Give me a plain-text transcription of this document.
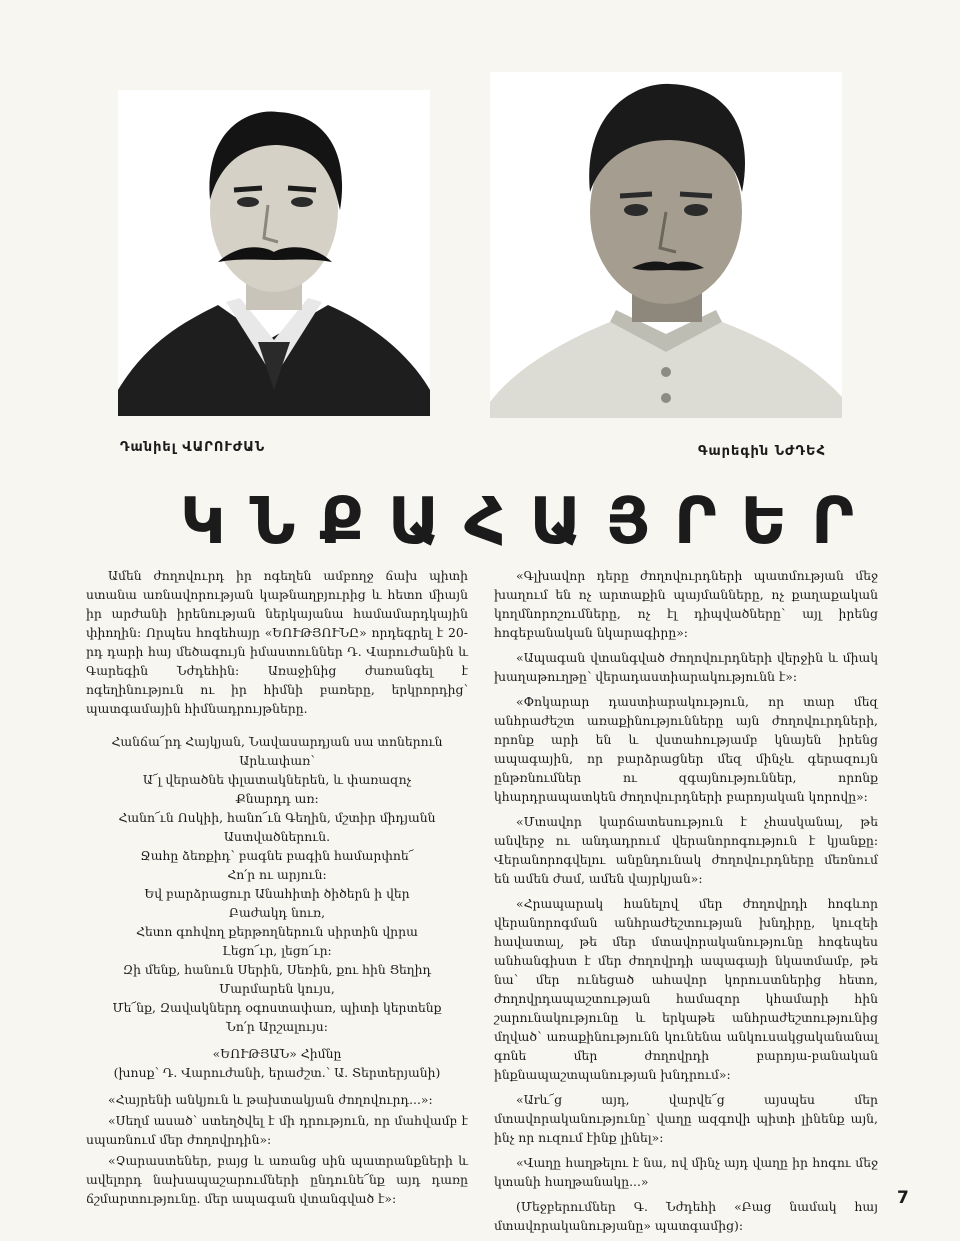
Դանիել ՎԱՐՈՒԺԱՆ	Գարեգին ՆԺԴԵՀ
ԿՆՔԱՀԱՅՐԵՐ

Ամեն ժողովուրդ իր ոգեղեն ամբողջ ճախ պիտի ստանա առնավորության կաթնաղբյուրից և հետո միայն իր արժանի իրենության ներկայանա համամարդկային փիողին: Որպես հոգեհայր «ԵՈՒԹՅՈՒՆԸ» որդեգրել է 20-րդ դարի հայ մեծագույն իմաստուններ Դ. Վարուժանին և Գարեգին Նժդեհին: Առաջինից ժառանգել է ոգեղինություն ու իր հիմնի բառերը, երկրորդից՝ պատգամային հիմնադրույթները.

Հանճա՜րդ Հայկյան, Նավասարդյան սա տոներուն
Արևափառ՝
Ա՜լ վերածնե փլատակներեն, և փառազոչ
Քնարդդ առ:
Հանո՜ւն Ոսկիի, հանո՜ւն Գեղին, մշտիր միդյանն
Աստվածներուն.
Ջահը ձեռքիդ՝ բագնե բագին համարփոե՜
Հո՛ր ու արյուն:
Եվ բարձրացուր Անահիտի ծիծերն ի վեր
Բաժակդ նուռ,
Հետո գոհվող քերթողներուն սիրտին վրրա
Լեցո՜ւր, լեցո՜ւր:
Զի մենք, հանուն Սերին, Սեռին, քու հին Ցեղիդ
Մարմարեն կույս,
Մե՜նք, Զավակներդ օգոստափառ, պիտի կերտենք
Նո՛ր Արշալույս:
«ԵՈՒԹՅԱՆ» Հիմնը
(խոսք՝ Դ. Վարուժանի, երաժշտ.՝ Ա. Տերտերյանի)

«Հայրենի անկյուն և թախտակյան ժողովուրդ...»:

«Սեղմ ասած՝ ստեղծվել է մի դրություն, որ մահվամբ է սպառնում մեր ժողովրդին»:

«Չարաստեներ, բայց և առանց սին պատրանքների և ավելորդ նախապաշարումների ընդունե՜նք այդ դառը ճշմարտությունը. մեր ապագան վտանգված է»:

«Գլխավոր դերը ժողովուրդների պատմության մեջ խաղում են ոչ արտաքին պայմանները, ոչ քաղաքական կողմնորոշումները, ոչ էլ դիպվածները՝ այլ իրենց հոգեբանական նկարագիրը»:

«Ապագան վտանգված ժողովուրդների վերջին և միակ խաղաթուղթը՝ վերադաստիարակությունն է»:

«Փոկարար դաստիարակություն, որ տար մեզ անհրաժեշտ առաքինությունները այն ժողովուրդների, որոնք արի են և վստահությամբ կնայեն իրենց ապագային, որ բարձրացներ մեզ մինչև գերազույն ընթռնումներ ու զգայնություններ, որոնք կհարդրապատկեն ժողովուրդների բարոյական կորովը»:

«Մտավոր կարճատեսություն է չհասկանալ, թե անվերջ ու անդադրում վերանորոգություն է կյանքը: Վերանորոգվելու անընդունակ ժողովուրդները մեռնում են ամեն ժամ, ամեն վայրկյան»:

«Հրապարակ հանելով մեր ժողովրդի հոգևոր վերանորոգման անհրաժեշտության խնդիրը, կուզեի հավատալ, թե մեր մտավորականությունը հոգեպես անհանգիստ է մեր ժողովրդի ապագայի նկատմամբ, թե նա՝ մեր ունեցած ահավոր կորուստներից հետո, ժողովրդապաշտության համազոր կհամարի հին շարունակությունը և երկաթե անհրաժեշտությունից մղված՝ առաքինությունն կունենա անկուսակցականանալ գոնե մեր ժողովրդի բարոյա-բանական ինքնապաշտպանության խնդրում»:

«Աrև՜ց այդ, վարվե՜ց այսպես մեր մտավորականությունը՝ վաղը ազգովի պիտի լինենք այն, ինչ որ ուզում էինք լինել»:

«Վաղը հաղթելու է նա, ով մինչ այդ վաղը իր հոգու մեջ կտանի հաղթանակը...»

(Մեջբերումներ Գ. Նժդեհի «Բաց նամակ հայ մտավորականությանը» պատգամից):

7
